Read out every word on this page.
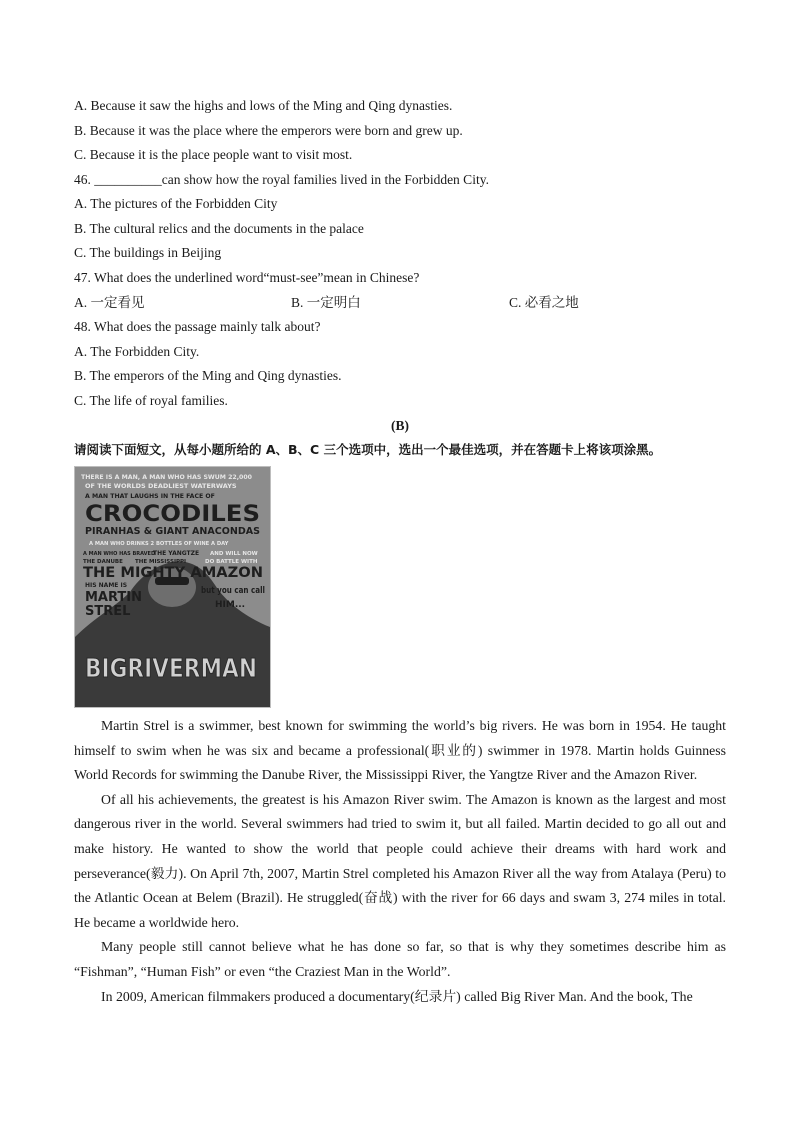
A. Because it saw the highs and lows of the Ming and Qing dynasties.
B. Because it was the place where the emperors were born and grew up.
C. Because it is the place people want to visit most.
46. __________can show how the royal families lived in the Forbidden City.
A. The pictures of the Forbidden City
B. The cultural relics and the documents in the palace
C. The buildings in Beijing
47. What does the underlined word“must-see”mean in Chinese?
A. 一定看见	B. 一定明白	C. 必看之地
48. What does the passage mainly talk about?
A. The Forbidden City.
B. The emperors of the Ming and Qing dynasties.
C. The life of royal families.
(B)
请阅读下面短文，从每小题所给的 A、B、C 三个选项中，选出一个最佳选项，并在答题卡上将该项涂黑。
THERE IS A MAN, A MAN WHO HAS SWUM 22,000
OF THE WORLDS DEADLIEST WATERWAYS
A MAN THAT LAUGHS IN THE FACE OF
CROCODILES
PIRANHAS & GIANT ANACONDAS
A MAN WHO DRINKS 2 BOTTLES OF WINE A DAY
A MAN WHO HAS BRAVED
THE YANGTZE AND WILL NOW
THE DANUBE THE MISSISSIPPI	DO BATTLE WITH
THE MIGHTY AMAZON
HIS NAME IS
MARTIN
STREL
but you can call
HIM...
BIGRIVERMAN

Martin Strel is a swimmer, best known for swimming the world’s big rivers. He was born in 1954. He taught himself to swim when he was six and became a professional(职业的) swimmer in 1978. Martin holds Guinness World Records for swimming the Danube River, the Mississippi River, the Yangtze River and the Amazon River.

Of all his achievements, the greatest is his Amazon River swim. The Amazon is known as the largest and most dangerous river in the world. Several swimmers had tried to swim it, but all failed. Martin decided to go all out and make history. He wanted to show the world that people could achieve their dreams with hard work and perseverance(毅力). On April 7th, 2007, Martin Strel completed his Amazon River all the way from Atalaya (Peru) to the Atlantic Ocean at Belem (Brazil). He struggled(奋战) with the river for 66 days and swam 3, 274 miles in total. He became a worldwide hero.

Many people still cannot believe what he has done so far, so that is why they sometimes describe him as “Fishman”, “Human Fish” or even “the Craziest Man in the World”.

In 2009, American filmmakers produced a documentary(纪录片) called Big River Man. And the book, The
